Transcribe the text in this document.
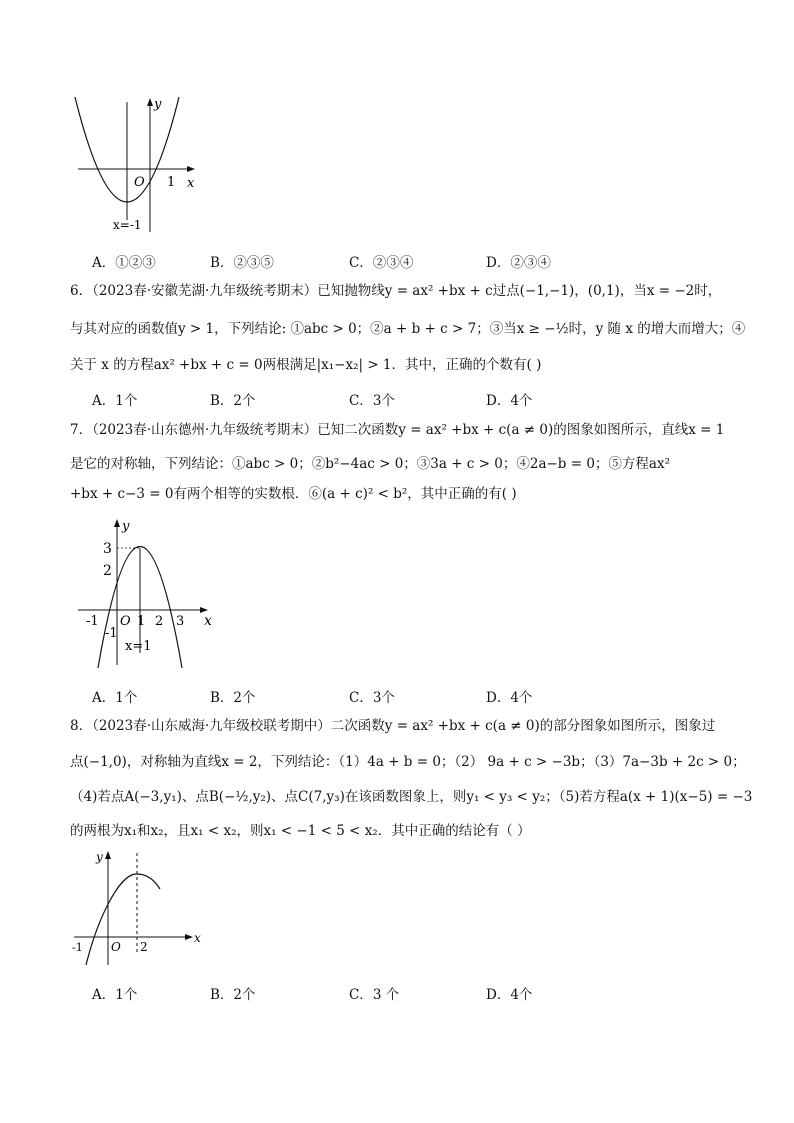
y
x
O 1
x=-1
A．①②③	B．②③⑤	C．②③④	D．②③④
6．（2023春·安徽芜湖·九年级统考期末）已知抛物线y = ax² +bx + c过点(−1,−1)，(0,1)，当x = −2时，
与其对应的函数值y > 1，下列结论: ①abc > 0；②a + b + c > 7；③当x ≥ −½时，y 随 x 的增大而增大；④
关于 x 的方程ax² +bx + c = 0两根满足|x₁−x₂| > 1．其中，正确的个数有( )
A．1个	B．2个	C．3个	D．4个
7．（2023春·山东德州·九年级统考期末）已知二次函数y = ax² +bx + c(a ≠ 0)的图象如图所示，直线x = 1
是它的对称轴，下列结论：①abc > 0；②b²−4ac > 0；③3a + c > 0；④2a−b = 0；⑤方程ax²
+bx + c−3 = 0有两个相等的实数根．⑥(a + c)² < b²，其中正确的有( )
y
x
3
2
-1
-1 O 1 2 3
x=1
A．1个	B．2个	C．3个	D．4个
8．（2023春·山东威海·九年级校联考期中）二次函数y = ax² +bx + c(a ≠ 0)的部分图象如图所示，图象过
点(−1,0)，对称轴为直线x = 2，下列结论：（1）4a + b = 0；（2） 9a + c > −3b；（3）7a−3b + 2c > 0；
（4)若点A(−3,y₁)、点B(−½,y₂)、点C(7,y₃)在该函数图象上，则y₁ < y₃ < y₂；（5)若方程a(x + 1)(x−5) = −3
的两根为x₁和x₂，且x₁ < x₂，则x₁ < −1 < 5 < x₂．其中正确的结论有（ ）
y
x
-1 O 2
A．1个	B．2个	C．3 个	D．4个
